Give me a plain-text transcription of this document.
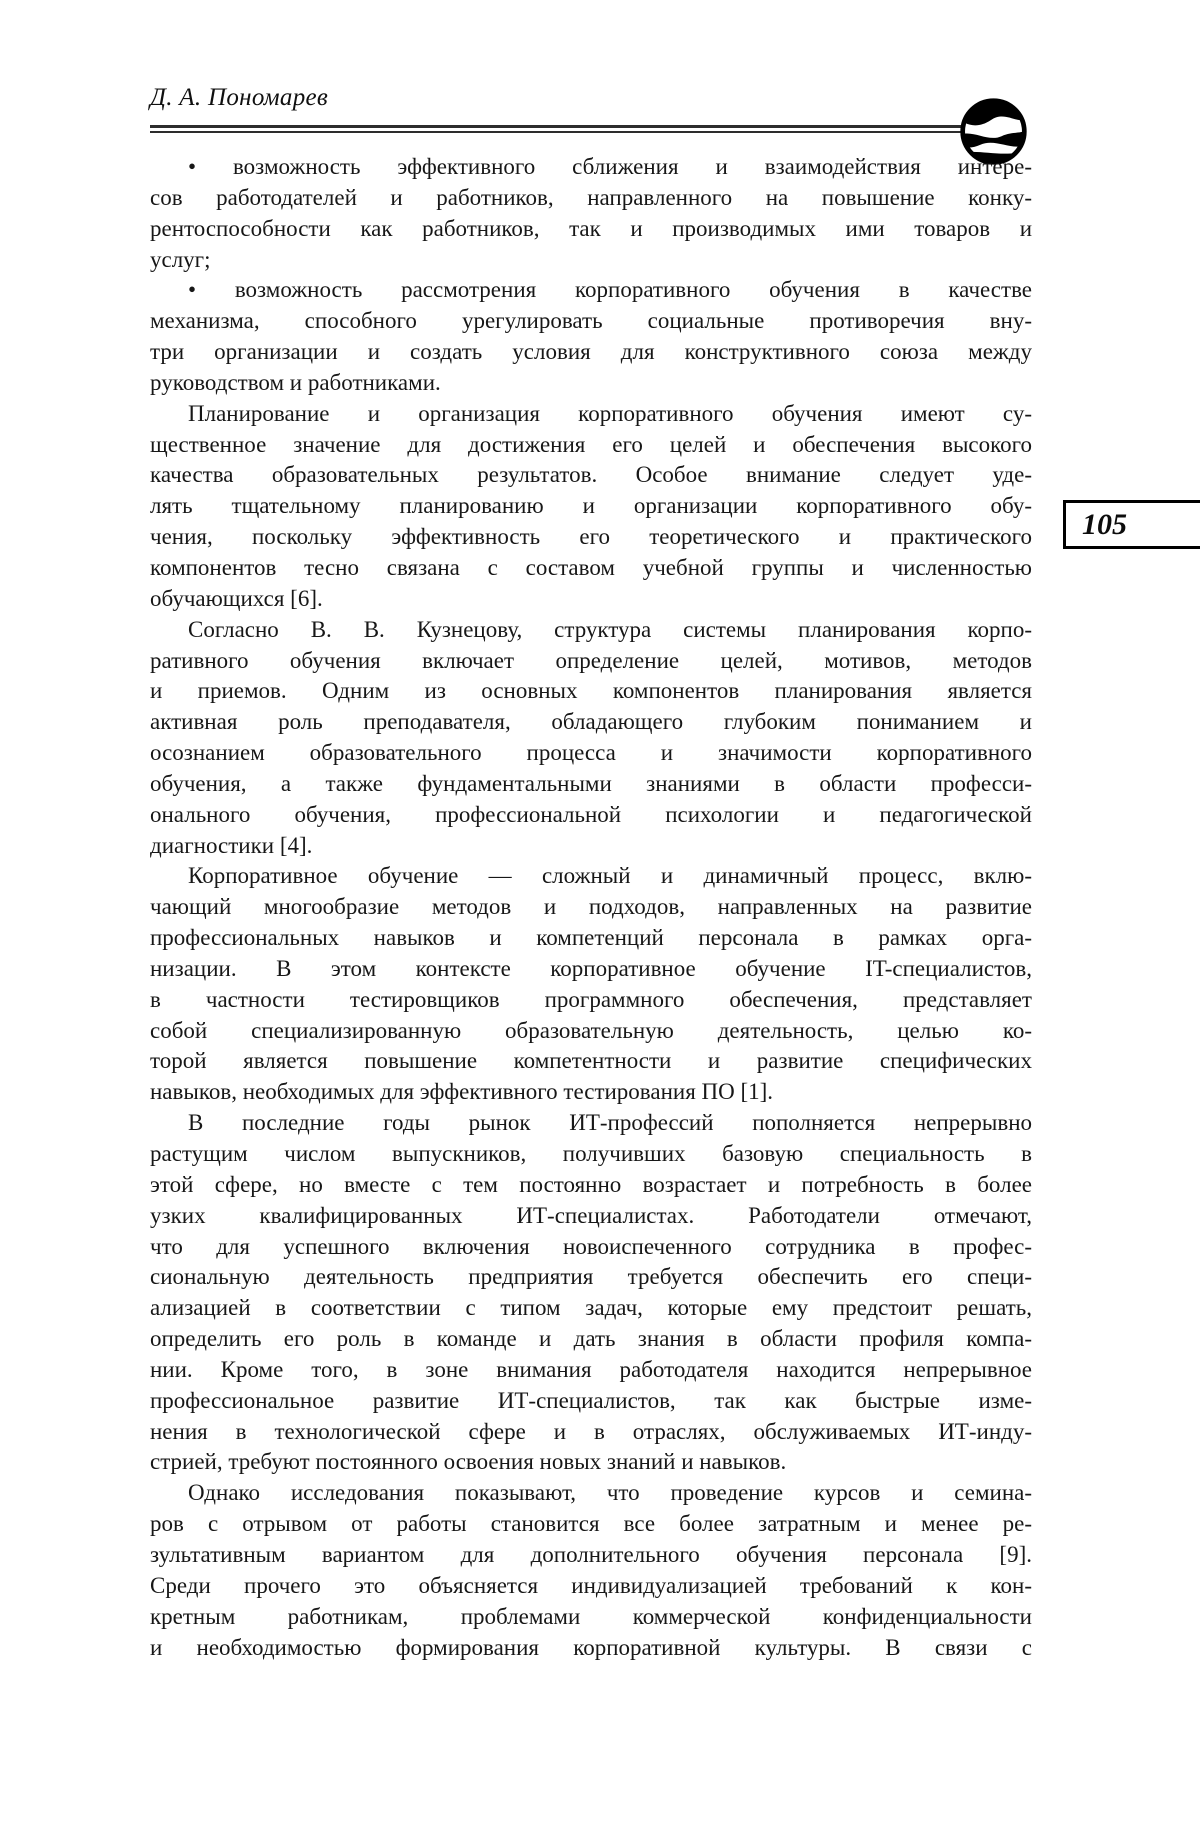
Д. А. Пономарев
105
• возможность эффективного сближения и взаимодействия интере-
сов работодателей и работников, направленного на повышение конку-
рентоспособности как работников, так и производимых ими товаров и
услуг;
• возможность рассмотрения корпоративного обучения в качестве
механизма, способного урегулировать социальные противоречия вну-
три организации и создать условия для конструктивного союза между
руководством и работниками.
Планирование и организация корпоративного обучения имеют су-
щественное значение для достижения его целей и обеспечения высокого
качества образовательных результатов. Особое внимание следует уде-
лять тщательному планированию и организации корпоративного обу-
чения, поскольку эффективность его теоретического и практического
компонентов тесно связана с составом учебной группы и численностью
обучающихся [6].
Согласно В. В. Кузнецову, структура системы планирования корпо-
ративного обучения включает определение целей, мотивов, методов
и приемов. Одним из основных компонентов планирования является
активная роль преподавателя, обладающего глубоким пониманием и
осознанием образовательного процесса и значимости корпоративного
обучения, а также фундаментальными знаниями в области професси-
онального обучения, профессиональной психологии и педагогической
диагностики [4].
Корпоративное обучение — сложный и динамичный процесс, вклю-
чающий многообразие методов и подходов, направленных на развитие
профессиональных навыков и компетенций персонала в рамках орга-
низации. В этом контексте корпоративное обучение IT-специалистов,
в частности тестировщиков программного обеспечения, представляет
собой специализированную образовательную деятельность, целью ко-
торой является повышение компетентности и развитие специфических
навыков, необходимых для эффективного тестирования ПО [1].
В последние годы рынок ИТ-профессий пополняется непрерывно
растущим числом выпускников, получивших базовую специальность в
этой сфере, но вместе с тем постоянно возрастает и потребность в более
узких квалифицированных ИТ-специалистах. Работодатели отмечают,
что для успешного включения новоиспеченного сотрудника в профес-
сиональную деятельность предприятия требуется обеспечить его специ-
ализацией в соответствии с типом задач, которые ему предстоит решать,
определить его роль в команде и дать знания в области профиля компа-
нии. Кроме того, в зоне внимания работодателя находится непрерывное
профессиональное развитие ИТ-специалистов, так как быстрые изме-
нения в технологической сфере и в отраслях, обслуживаемых ИТ-инду-
стрией, требуют постоянного освоения новых знаний и навыков.
Однако исследования показывают, что проведение курсов и семина-
ров с отрывом от работы становится все более затратным и менее ре-
зультативным вариантом для дополнительного обучения персонала [9].
Среди прочего это объясняется индивидуализацией требований к кон-
кретным работникам, проблемами коммерческой конфиденциальности
и необходимостью формирования корпоративной культуры. В связи с
